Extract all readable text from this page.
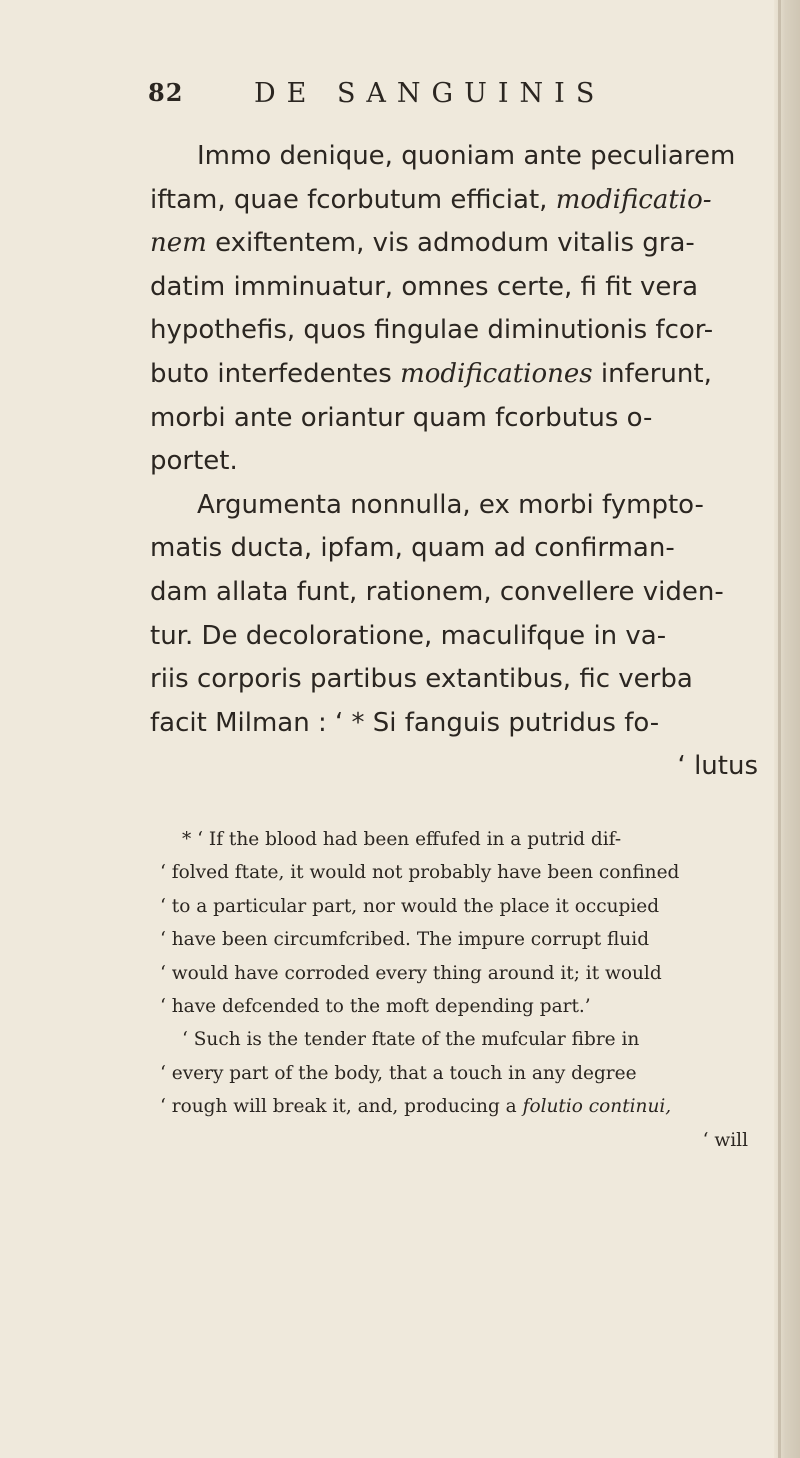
82	DE SANGUINIS
Immo denique, quoniam ante peculiarem
iftam, quae fcorbutum efficiat, modificatio-
nem exiftentem, vis admodum vitalis gra-
datim imminuatur, omnes certe, fi fit vera
hypothefis, quos fingulae diminutionis fcor-
buto interfedentes modificationes inferunt,
morbi ante oriantur quam fcorbutus o-
portet.
Argumenta nonnulla, ex morbi fympto-
matis ducta, ipfam, quam ad confirman-
dam allata funt, rationem, convellere viden-
tur. De decoloratione, maculifque in va-
riis corporis partibus extantibus, fic verba
facit Milman : ‘ * Si fanguis putridus fo-
‘ lutus
* ‘ If the blood had been effufed in a putrid dif-
‘ folved ftate, it would not probably have been confined
‘ to a particular part, nor would the place it occupied
‘ have been circumfcribed. The impure corrupt fluid
‘ would have corroded every thing around it; it would
‘ have defcended to the moft depending part.’
‘ Such is the tender ftate of the mufcular fibre in
‘ every part of the body, that a touch in any degree
‘ rough will break it, and, producing a folutio continui,
‘ will
